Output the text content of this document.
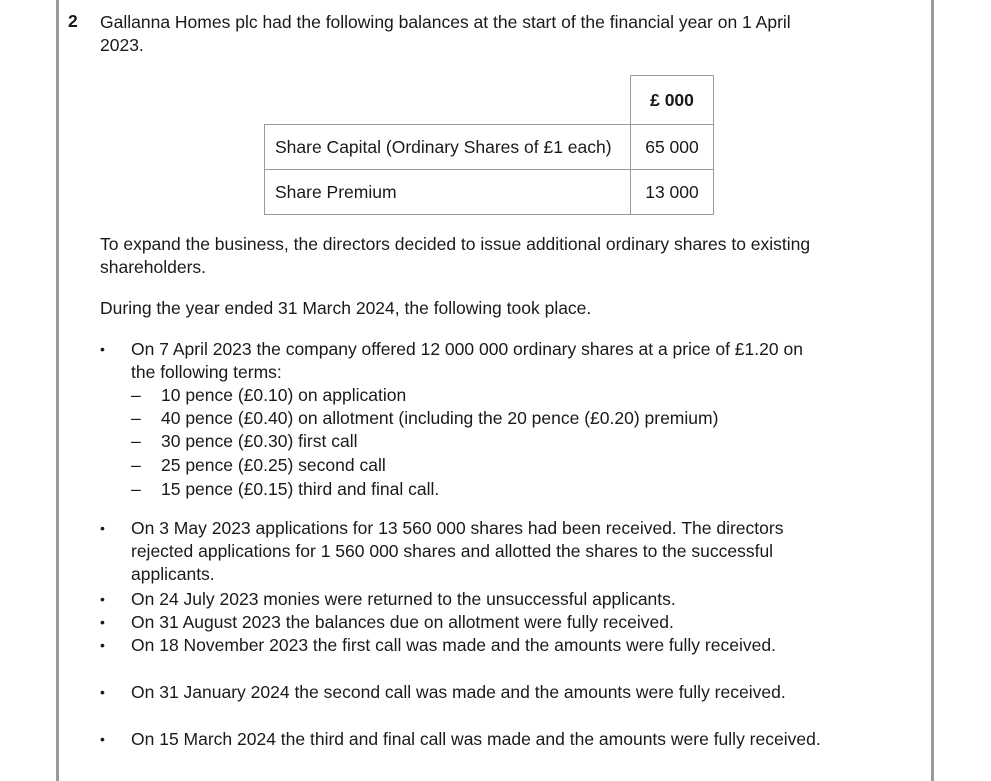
2 Gallanna Homes plc had the following balances at the start of the financial year on 1 April 2023.
	£ 000
Share Capital (Ordinary Shares of £1 each)	65 000
Share Premium	13 000
To expand the business, the directors decided to issue additional ordinary shares to existing shareholders.
During the year ended 31 March 2024, the following took place.
• On 7 April 2023 the company offered 12 000 000 ordinary shares at a price of £1.20 on the following terms:
– 10 pence (£0.10) on application
– 40 pence (£0.40) on allotment (including the 20 pence (£0.20) premium)
– 30 pence (£0.30) first call
– 25 pence (£0.25) second call
– 15 pence (£0.15) third and final call.
• On 3 May 2023 applications for 13 560 000 shares had been received. The directors rejected applications for 1 560 000 shares and allotted the shares to the successful applicants.
• On 24 July 2023 monies were returned to the unsuccessful applicants.
• On 31 August 2023 the balances due on allotment were fully received.
• On 18 November 2023 the first call was made and the amounts were fully received.
• On 31 January 2024 the second call was made and the amounts were fully received.
• On 15 March 2024 the third and final call was made and the amounts were fully received.
